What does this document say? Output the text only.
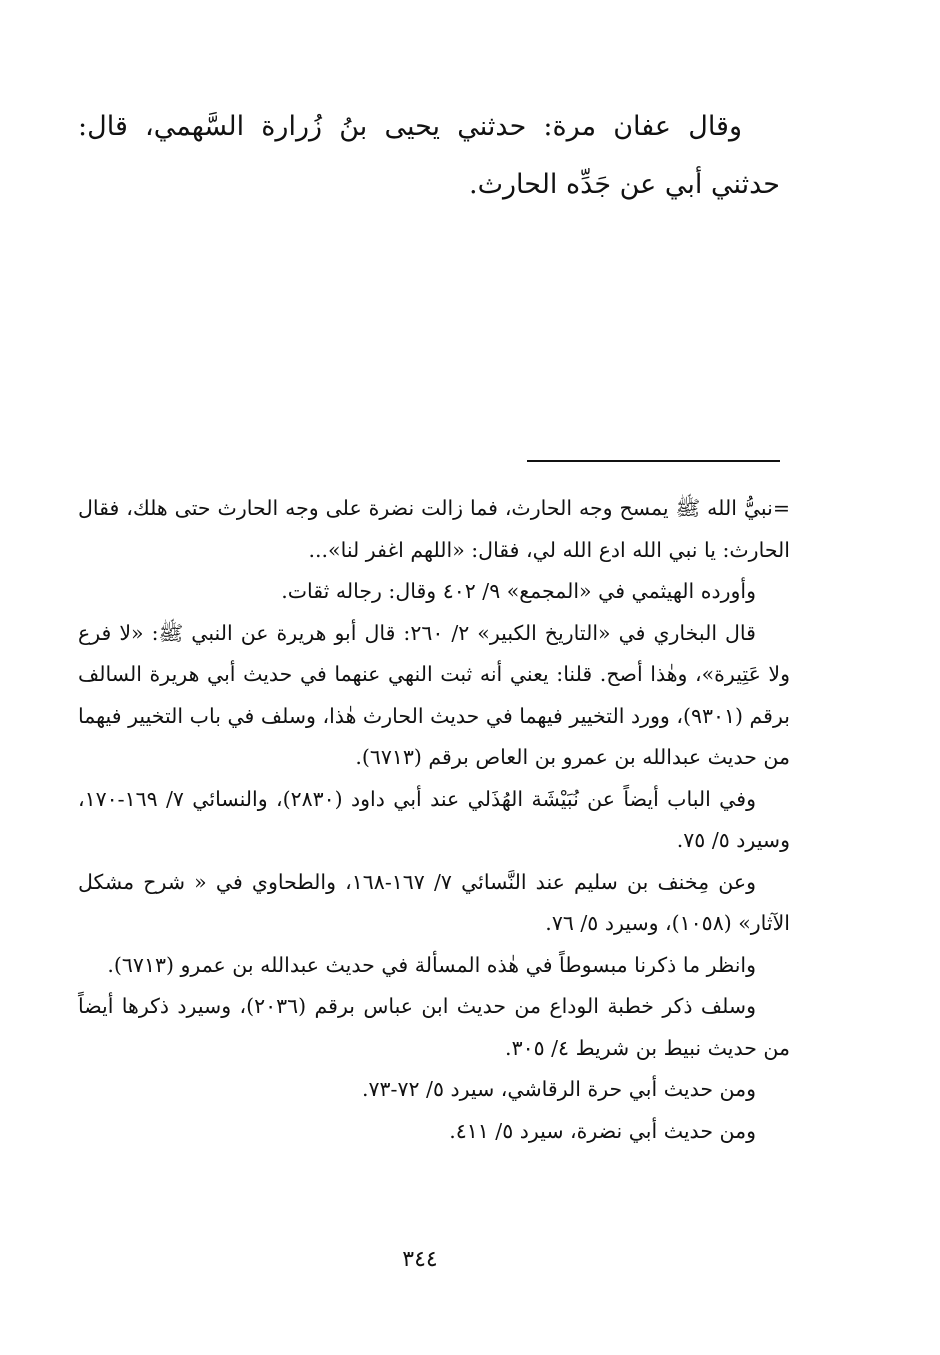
وقال عفان مرة: حدثني يحيى بنُ زُرارة السَّهمي، قال: حدثني أبي عن جَدِّه الحارث.

=نبيُّ الله ﷺ يمسح وجه الحارث، فما زالت نضرة على وجه الحارث حتى هلك، فقال الحارث: يا نبي الله ادع الله لي، فقال: «اللهم اغفر لنا»...

وأورده الهيثمي في «المجمع» ٩/ ٤٠٢ وقال: رجاله ثقات.

قال البخاري في «التاريخ الكبير» ٢/ ٢٦٠: قال أبو هريرة عن النبي ﷺ: «لا فرع ولا عَتِيرة»، وهٰذا أصح. قلنا: يعني أنه ثبت النهي عنهما في حديث أبي هريرة السالف برقم (٩٣٠١)، وورد التخيير فيهما في حديث الحارث هٰذا، وسلف في باب التخيير فيهما من حديث عبدالله بن عمرو بن العاص برقم (٦٧١٣).

وفي الباب أيضاً عن نُبَيْشَة الهُذَلي عند أبي داود (٢٨٣٠)، والنسائي ٧/ ١٦٩-١٧٠، وسيرد ٥/ ٧٥.

وعن مِخنف بن سليم عند النَّسائي ٧/ ١٦٧-١٦٨، والطحاوي في « شرح مشكل الآثار» (١٠٥٨)، وسيرد ٥/ ٧٦.

وانظر ما ذكرنا مبسوطاً في هٰذه المسألة في حديث عبدالله بن عمرو (٦٧١٣).

وسلف ذكر خطبة الوداع من حديث ابن عباس برقم (٢٠٣٦)، وسيرد ذكرها أيضاً من حديث نبيط بن شريط ٤/ ٣٠٥.

ومن حديث أبي حرة الرقاشي، سيرد ٥/ ٧٢-٧٣.

ومن حديث أبي نضرة، سيرد ٥/ ٤١١.

٣٤٤
